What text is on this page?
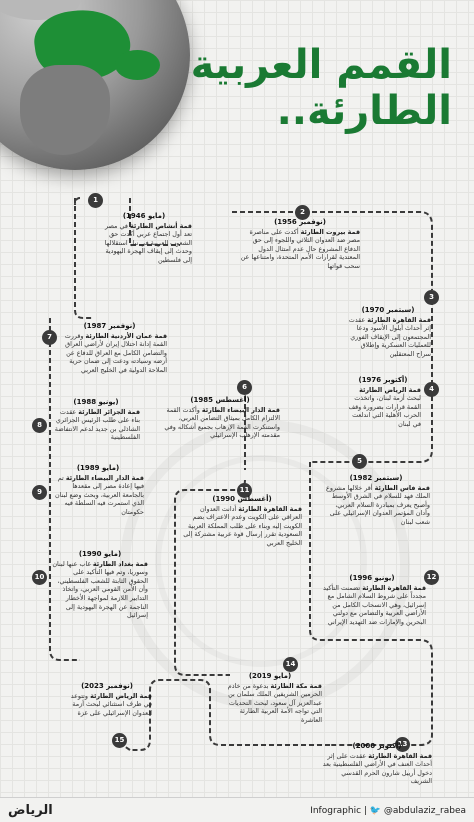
القمم العربية
الطارئة..
1
2
3
4
5
6
7
8
9
10
11
12
13
14
15
(مايو 1946)
قمة أنشاص الطارئة في مصر تعد أول اجتماع عربي أكدت حق الشعوب العربية في نيل استقلالها وحدث إلى إيقاف الهجرة اليهودية إلى فلسطين
(نوفمبر 1956)
قمة بيروت الطارئة أكدت على مناصرة مصر ضد العدوان الثلاثي واللجوء إلى حق الدفاع المشروع حال عدم امتثال الدول المعتدية لقرارات الأمم المتحدة، وامتناعها عن سحب قواتها
(سبتمبر 1970)
قمة القاهرة الطارئة عقدت إثر أحداث أيلول الأسود ودعا المجتمعون إلى الإيقاف الفوري للعمليات العسكرية وإطلاق سراح المعتقلين
(أكتوبر 1976)
قمة الرياض الطارئة لبحث أزمة لبنان، واتخذت القمة قرارات بضرورة وقف الحرب الأهلية التي اندلعت في لبنان
(سبتمبر 1982)
قمة فاس الطارئة أقر خلالها مشروع الملك فهد للسلام في الشرق الأوسط وأصبح يعرف بمبادرة السلام العربي، وأدان المؤتمر العدوان الإسرائيلي على شعب لبنان
(أغسطس 1985)
قمة الدار البيضاء الطارئة وأكدت القمة الالتزام الكامل بميثاق التضامن العربي، واستنكرت القمة الإرهاب بجميع أشكاله وفي مقدمته الإرهاب الإسرائيلي
(نوفمبر 1987)
قمة عمان الأردنية الطارئة وقررت القمة إدانة احتلال إيران لأراضي العراق والتضامن الكامل مع العراق للدفاع عن أرضه وسيادته ودعت إلى ضمان حرية الملاحة الدولية في الخليج العربي
(يونيو 1988)
قمة الجزائر الطارئة عقدت بناء على طلب الرئيس الجزائري الشاذلي بن جديد لدعم الانتفاضة الفلسطينية
(مايو 1989)
قمة الدار البيضاء الطارئة تم فيها إعادة مصر إلى مقعدها بالجامعة العربية، وبحث وضع لبنان الذي استمرت فيه السلطة فيه حكومتان
(مايو 1990)
قمة بغداد الطارئة غاب عنها لبنان وسوريا، وتم فيها التأكيد على الحقوق الثابتة للشعب الفلسطيني، وأن الأمن القومي العربي، واتخاذ التدابير اللازمة لمواجهة الأخطار الناجمة عن الهجرة اليهودية إلى إسرائيل
(أغسطس 1990)
قمة القاهرة الطارئة أدانت العدوان العراقي على الكويت وعدم الاعتراف بضم الكويت إليه وبناء على طلب المملكة العربية السعودية تقرر إرسال قوة عربية مشتركة إلى الخليج العربي
(يونيو 1996)
قمة القاهرة الطارئة تضمنت التأكيد مجدداً على شروط السلام الشامل مع إسرائيل، وهي الانسحاب الكامل من الأراضي العربية والتضامن مع دولتي البحرين والإمارات ضد التهديد الإيراني
(أكتوبر 2000)
قمة القاهرة الطارئة عقدت على إثر أحداث العنف في الأراضي الفلسطينية بعد دخول أرييل شارون الحرم القدسي الشريف
(مايو 2019)
قمة مكة الطارئة بدعوة من خادم الحرمين الشريفين الملك سلمان بن عبدالعزيز آل سعود، لبحث التحديات التي تواجه الأمة العربية الطارئة العاشرة
(نوفمبر 2023)
قمة الرياض الطارئة وتتوعد في ظرف استثنائي لبحث أزمة العدوان الإسرائيلي على غزة
الرياض	Infographic | 🐦 @abdulaziz_rabea
